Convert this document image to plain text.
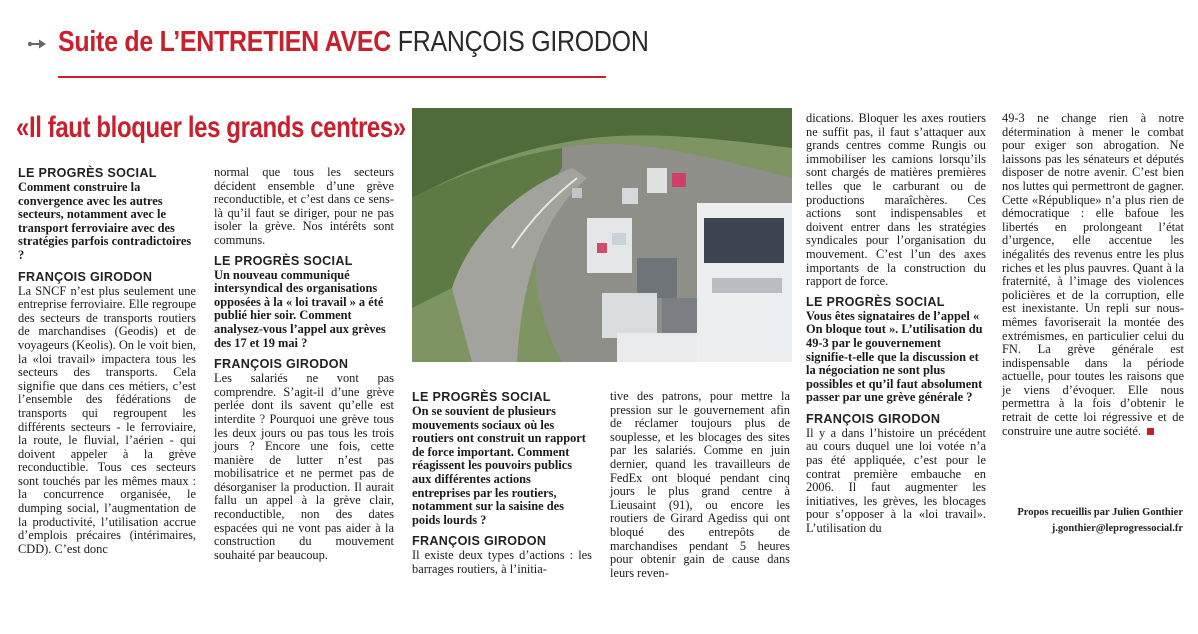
Suite de L’ENTRETIEN AVEC FRANÇOIS GIRODON
«Il faut bloquer les grands centres»

LE PROGRÈS SOCIAL

Comment construire la convergence avec les autres secteurs, notamment avec le transport ferroviaire avec des stratégies parfois contradictoires ?

FRANÇOIS GIRODON

La SNCF n’est plus seulement une entreprise ferroviaire. Elle regroupe des secteurs de transports routiers de marchandises (Geodis) et de voyageurs (Keolis). On le voit bien, la «loi travail» impactera tous les secteurs des transports. Cela signifie que dans ces métiers, c’est l’ensemble des fédérations de transports qui regroupent les différents secteurs - le ferroviaire, la route, le fluvial, l’aérien - qui doivent appeler à la grève reconductible. Tous ces secteurs sont touchés par les mêmes maux : la concurrence organisée, le dumping social, l’augmentation de la productivité, l’utilisation accrue d’emplois précaires (intérimaires, CDD). C’est donc

normal que tous les secteurs décident ensemble d’une grève reconductible, et c’est dans ce sens-là qu’il faut se diriger, pour ne pas isoler la grève. Nos intérêts sont communs.

LE PROGRÈS SOCIAL

Un nouveau communiqué intersyndical des organisations opposées à la « loi travail » a été publié hier soir. Comment analysez-vous l’appel aux grèves des 17 et 19 mai ?

FRANÇOIS GIRODON

Les salariés ne vont pas comprendre. S’agit-il d’une grève perlée dont ils savent qu’elle est interdite ? Pourquoi une grève tous les deux jours ou pas tous les trois jours ? Encore une fois, cette manière de lutter n’est pas mobilisatrice et ne permet pas de désorganiser la production. Il aurait fallu un appel à la grève clair, reconductible, non des dates espacées qui ne vont pas aider à la construction du mouvement souhaité par beaucoup.

LE PROGRÈS SOCIAL

On se souvient de plusieurs mouvements sociaux où les routiers ont construit un rapport de force important. Comment réagissent les pouvoirs publics aux différentes actions entreprises par les routiers, notamment sur la saisine des poids lourds ?

FRANÇOIS GIRODON

Il existe deux types d’actions : les barrages routiers, à l’initia-

tive des patrons, pour mettre la pression sur le gouvernement afin de réclamer toujours plus de souplesse, et les blocages des sites par les salariés. Comme en juin dernier, quand les travailleurs de FedEx ont bloqué pendant cinq jours le plus grand centre à Lieusaint (91), ou encore les routiers de Girard Agediss qui ont bloqué des entrepôts de marchandises pendant 5 heures pour obtenir gain de cause dans leurs reven-

dications. Bloquer les axes routiers ne suffit pas, il faut s’attaquer aux grands centres comme Rungis ou immobiliser les camions lorsqu’ils sont chargés de matières premières telles que le carburant ou de productions maraîchères. Ces actions sont indispensables et doivent entrer dans les stratégies syndicales pour l’organisation du mouvement. C’est l’un des axes importants de la construction du rapport de force.

LE PROGRÈS SOCIAL

Vous êtes signataires de l’appel « On bloque tout ». L’utilisation du 49-3 par le gouvernement signifie-t-elle que la discussion et la négociation ne sont plus possibles et qu’il faut absolument passer par une grève générale ?

FRANÇOIS GIRODON

Il y a dans l’histoire un précédent au cours duquel une loi votée n’a pas été appliquée, c’est pour le contrat première embauche en 2006. Il faut augmenter les initiatives, les grèves, les blocages pour s’opposer à la «loi travail». L’utilisation du

49-3 ne change rien à notre détermination à mener le combat pour exiger son abrogation. Ne laissons pas les sénateurs et députés disposer de notre avenir. C’est bien nos luttes qui permettront de gagner. Cette «République» n’a plus rien de démocratique : elle bafoue les libertés en prolongeant l’état d’urgence, elle accentue les inégalités des revenus entre les plus riches et les plus pauvres. Quant à la fraternité, à l’image des violences policières et de la corruption, elle est inexistante. Un repli sur nous-mêmes favoriserait la montée des extrémismes, en particulier celui du FN. La grève générale est indispensable dans la période actuelle, pour toutes les raisons que je viens d’évoquer. Elle nous permettra à la fois d’obtenir le retrait de cette loi régressive et de construire une autre société.

Propos recueillis par Julien Gonthier
j.gonthier@leprogressocial.fr
